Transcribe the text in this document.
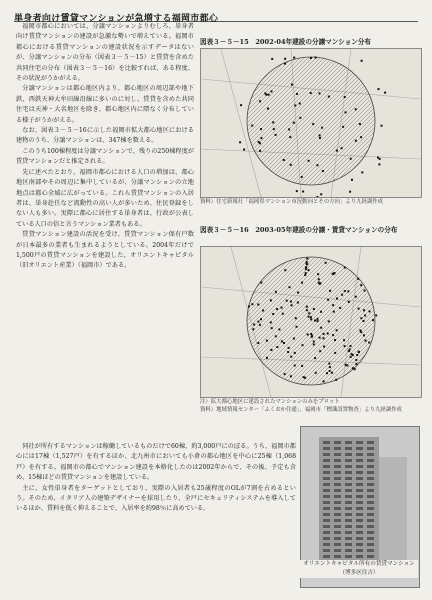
単身者向け賃貸マンションが急増する福岡市都心

福岡市都心においては、分譲マンションよりむしろ、単身者向け賃貸マンションの建設が急激な勢いで増えている。福岡市都心における賃貸マンションの建設状況を示すデータはないが、分譲マンションの分布（図表３－５－15）と賃貸を含めた共同住宅の分布（図表３－５－16）を比較すれば、ある程度、その状況がうかがえる。

分譲マンションは都心地区内より、都心地区の周辺部や地下鉄、西鉄天神大牟田線沿線に多いのに対し、賃貸を含めた共同住宅は天神・大名地区を除き、都心地区内に隈なく分布している様子がうかがえる。

なお、図表３－５－16に示した福岡市拡大都心地区における建物のうち、分譲マンションは、347棟を数える。

このうち100棟程度は分譲マンションで、残りの250棟程度が賃貸マンションだと推定される。

先に述べたとおり、福岡市都心における人口の増加は、都心地区南部やその周辺に集中しているが、分譲マンションの立地地点は都心全域に広がっている。これら賃貸マンションの入居者は、単身赴任など流動性の高い人が多いため、住民登録をしない人も多い。実際に都心に居住する単身者は、行政が公表している人口の倍と言うマンション業者もある。

賃貸マンション建設の活況を受け、賃貸マンション保有戸数が日本最多の業者も生まれるようとしている。2004年だけで1,500戸の賃貸マンションを建設した、オリエントキャピタル（旧オリエント産業）（福岡市）である。

図表３－５－15　2002-04年建設の分譲マンション分布
資料）住宅新報社「福岡県マンション市況動向とその方向」より九経調作成
図表３－５－16　2003-05年建設の分譲・賃貸マンションの分布
注）拡大都心地区に建設されたマンションのみをプロット
資料）地域情報センター「ふくおか住通」、福岡市「標識設置物査」より九経調作成

同社が所有するマンションは稼働しているものだけで60棟、約3,000戸にのぼる。うち、福岡市都心には17棟（1,527戸）を有するほか、北九州市においても小倉の都心地区を中心に25棟（1,068戸）を有する。福岡市の都心でマンション建設を本格化したのは2002年からで、その後、予定も含め、15棟ほどの賃貸マンションを建設している。

主に、女性単身者をターゲットとしており、実際の入居者も25歳程度のOLが7割を占めるという。そのため、イタリア人の建築デザイナーを採用したり、全戸にセキュリティシステムを導入しているほか、賃料を低く抑えることで、入居率を約98％に高めている。

オリエントキャピタル所有の賃貸マンション（博多区住吉）
